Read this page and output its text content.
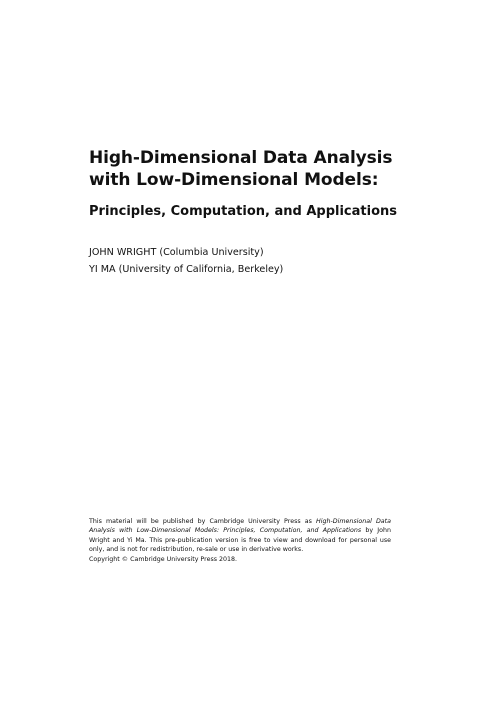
High-Dimensional Data Analysis
with Low-Dimensional Models:
Principles, Computation, and Applications
JOHN WRIGHT (Columbia University)
YI MA (University of California, Berkeley)
This material will be published by Cambridge University Press as High-Dimensional Data Analysis with Low-Dimensional Models: Principles, Computation, and Applications by John Wright and Yi Ma. This pre-publication version is free to view and download for personal use only, and is not for redistribution, re-sale or use in derivative works.
Copyright © Cambridge University Press 2018.
